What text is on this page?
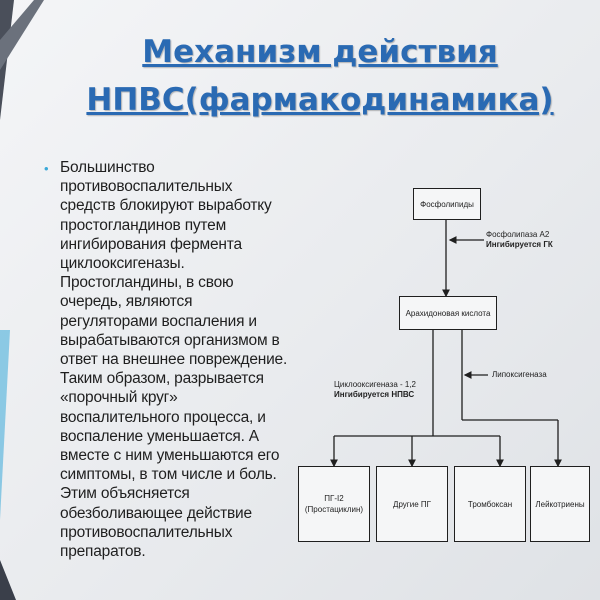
Механизм действия
НПВС(фармакодинамика)
• Большинство противовоспалительных средств блокируют выработку простогландинов путем ингибирования фермента циклооксигеназы. Простогландины, в свою очередь, являются регуляторами воспаления и вырабатываются организмом в ответ на внешнее повреждение. Таким образом, разрывается «порочный круг» воспалительного процесса, и воспаление уменьшается. А вместе с ним уменьшаются его симптомы, в том числе и боль. Этим объясняется обезболивающее действие противовоспалительных препаратов.
Фосфолипиды
Фосфолипаза А2
Ингибируется ГК
Арахидоновая кислота
Липоксигеназа
Циклооксигеназа - 1,2
Ингибируется НПВС
ПГ-I2
(Простациклин)
Другие ПГ	Тромбоксан	Лейкотриены
